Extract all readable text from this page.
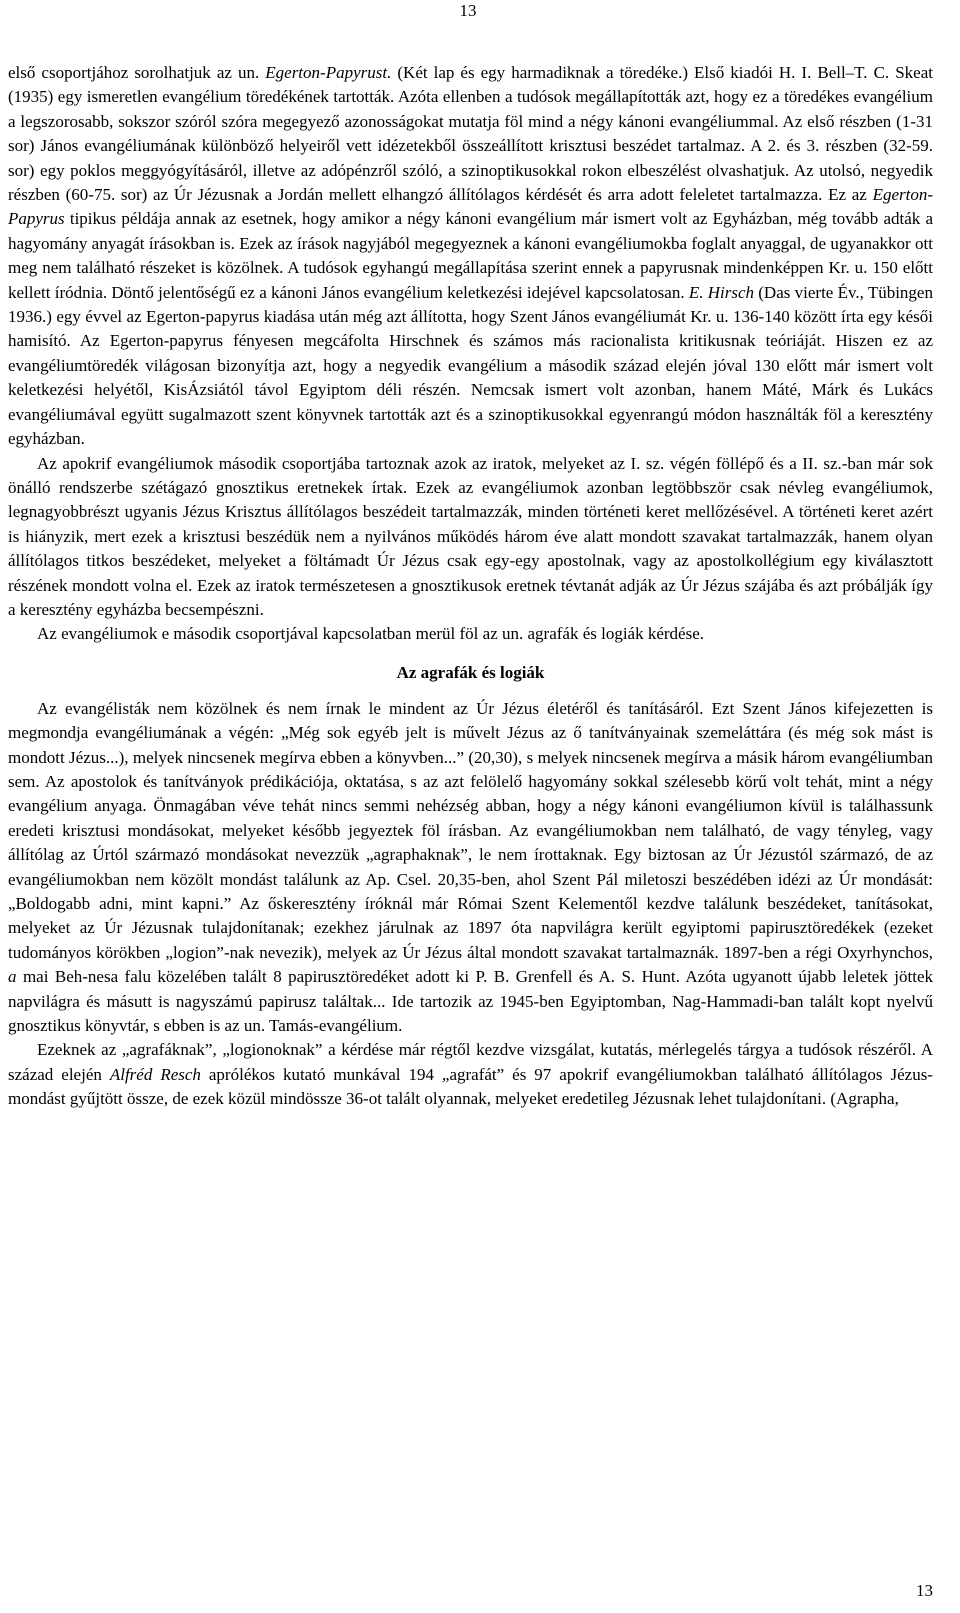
13

első csoportjához sorolhatjuk az un. Egerton-Papyrust. (Két lap és egy harmadiknak a töredéke.) Első kiadói H. I. Bell–T. C. Skeat (1935) egy ismeretlen evangélium töredékének tartották. Azóta ellenben a tudósok megállapították azt, hogy ez a töredékes evangélium a legszorosabb, sokszor szóról szóra megegyező azonosságokat mutatja föl mind a négy kánoni evangéliummal. Az első részben (1-31 sor) János evangéliumának különböző helyeiről vett idézetekből összeállított krisztusi beszédet tartalmaz. A 2. és 3. részben (32-59. sor) egy poklos meggyógyításáról, illetve az adópénzről szóló, a szinoptikusokkal rokon elbeszélést olvashatjuk. Az utolsó, negyedik részben (60-75. sor) az Úr Jézusnak a Jordán mellett elhangzó állítólagos kérdését és arra adott feleletet tartalmazza. Ez az Egerton-Papyrus tipikus példája annak az esetnek, hogy amikor a négy kánoni evangélium már ismert volt az Egyházban, még tovább adták a hagyomány anyagát írásokban is. Ezek az írások nagyjából megegyeznek a kánoni evangéliumokba foglalt anyaggal, de ugyanakkor ott meg nem található részeket is közölnek. A tudósok egyhangú megállapítása szerint ennek a papyrusnak mindenképpen Kr. u. 150 előtt kellett íródnia. Döntő jelentőségű ez a kánoni János evangélium keletkezési idejével kapcsolatosan. E. Hirsch (Das vierte Év., Tübingen 1936.) egy évvel az Egerton-papyrus kiadása után még azt állította, hogy Szent János evangéliumát Kr. u. 136-140 között írta egy késői hamisító. Az Egerton-papyrus fényesen megcáfolta Hirschnek és számos más racionalista kritikusnak teóriáját. Hiszen ez az evangéliumtöredék világosan bizonyítja azt, hogy a negyedik evangélium a második század elején jóval 130 előtt már ismert volt keletkezési helyétől, KisÁzsiától távol Egyiptom déli részén. Nemcsak ismert volt azonban, hanem Máté, Márk és Lukács evangéliumával együtt sugalmazott szent könyvnek tartották azt és a szinoptikusokkal egyenrangú módon használták föl a keresztény egyházban.

Az apokrif evangéliumok második csoportjába tartoznak azok az iratok, melyeket az I. sz. végén föllépő és a II. sz.-ban már sok önálló rendszerbe szétágazó gnosztikus eretnekek írtak. Ezek az evangéliumok azonban legtöbbször csak névleg evangéliumok, legnagyobbrészt ugyanis Jézus Krisztus állítólagos beszédeit tartalmazzák, minden történeti keret mellőzésével. A történeti keret azért is hiányzik, mert ezek a krisztusi beszédük nem a nyilvános működés három éve alatt mondott szavakat tartalmazzák, hanem olyan állítólagos titkos beszédeket, melyeket a föltámadt Úr Jézus csak egy-egy apostolnak, vagy az apostolkollégium egy kiválasztott részének mondott volna el. Ezek az iratok természetesen a gnosztikusok eretnek tévtanát adják az Úr Jézus szájába és azt próbálják így a keresztény egyházba becsempészni.

Az evangéliumok e második csoportjával kapcsolatban merül föl az un. agrafák és logiák kérdése.

Az agrafák és logiák

Az evangélisták nem közölnek és nem írnak le mindent az Úr Jézus életéről és tanításáról. Ezt Szent János kifejezetten is megmondja evangéliumának a végén: „Még sok egyéb jelt is művelt Jézus az ő tanítványainak szemeláttára (és még sok mást is mondott Jézus...), melyek nincsenek megírva ebben a könyvben...” (20,30), s melyek nincsenek megírva a másik három evangéliumban sem. Az apostolok és tanítványok prédikációja, oktatása, s az azt felölelő hagyomány sokkal szélesebb körű volt tehát, mint a négy evangélium anyaga. Önmagában véve tehát nincs semmi nehézség abban, hogy a négy kánoni evangéliumon kívül is találhassunk eredeti krisztusi mondásokat, melyeket később jegyeztek föl írásban. Az evangéliumokban nem található, de vagy tényleg, vagy állítólag az Úrtól származó mondásokat nevezzük „agraphaknak”, le nem írottaknak. Egy biztosan az Úr Jézustól származó, de az evangéliumokban nem közölt mondást találunk az Ap. Csel. 20,35-ben, ahol Szent Pál miletoszi beszédében idézi az Úr mondását: „Boldogabb adni, mint kapni.” Az őskeresztény íróknál már Római Szent Kelementől kezdve találunk beszédeket, tanításokat, melyeket az Úr Jézusnak tulajdonítanak; ezekhez járulnak az 1897 óta napvilágra került egyiptomi papirusztöredékek (ezeket tudományos körökben „logion”-nak nevezik), melyek az Úr Jézus által mondott szavakat tartalmaznák. 1897-ben a régi Oxyrhynchos, a mai Beh-nesa falu közelében talált 8 papirusztöredéket adott ki P. B. Grenfell és A. S. Hunt. Azóta ugyanott újabb leletek jöttek napvilágra és másutt is nagyszámú papirusz találtak... Ide tartozik az 1945-ben Egyiptomban, Nag-Hammadi-ban talált kopt nyelvű gnosztikus könyvtár, s ebben is az un. Tamás-evangélium.

Ezeknek az „agrafáknak”, „logionoknak” a kérdése már régtől kezdve vizsgálat, kutatás, mérlegelés tárgya a tudósok részéről. A század elején Alfréd Resch aprólékos kutató munkával 194 „agrafát” és 97 apokrif evangéliumokban található állítólagos Jézus-mondást gyűjtött össze, de ezek közül mindössze 36-ot talált olyannak, melyeket eredetileg Jézusnak lehet tulajdonítani. (Agrapha,

13
